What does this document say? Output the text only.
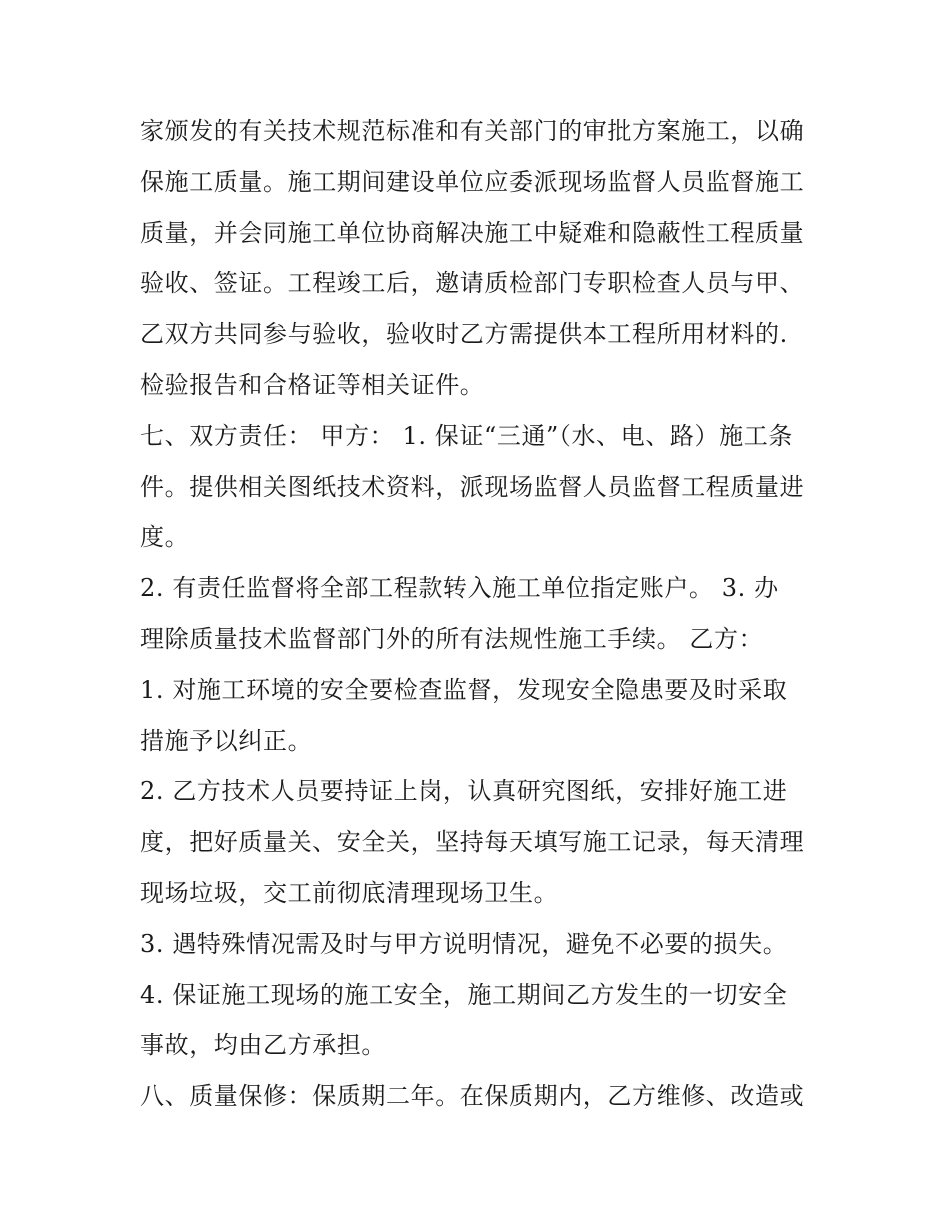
家颁发的有关技术规范标准和有关部门的审批方案施工，以确
保施工质量。施工期间建设单位应委派现场监督人员监督施工
质量，并会同施工单位协商解决施工中疑难和隐蔽性工程质量
验收、签证。工程竣工后，邀请质检部门专职检查人员与甲、
乙双方共同参与验收，验收时乙方需提供本工程所用材料的.
检验报告和合格证等相关证件。
七、双方责任： 甲方： 1. 保证“三通”（水、电、路）施工条
件。提供相关图纸技术资料，派现场监督人员监督工程质量进
度。
2. 有责任监督将全部工程款转入施工单位指定账户。 3. 办
理除质量技术监督部门外的所有法规性施工手续。 乙方：
1. 对施工环境的安全要检查监督，发现安全隐患要及时采取
措施予以纠正。
2. 乙方技术人员要持证上岗，认真研究图纸，安排好施工进
度，把好质量关、安全关，坚持每天填写施工记录，每天清理
现场垃圾，交工前彻底清理现场卫生。
3. 遇特殊情况需及时与甲方说明情况，避免不必要的损失。
4. 保证施工现场的施工安全，施工期间乙方发生的一切安全
事故，均由乙方承担。
八、质量保修：保质期二年。在保质期内，乙方维修、改造或
